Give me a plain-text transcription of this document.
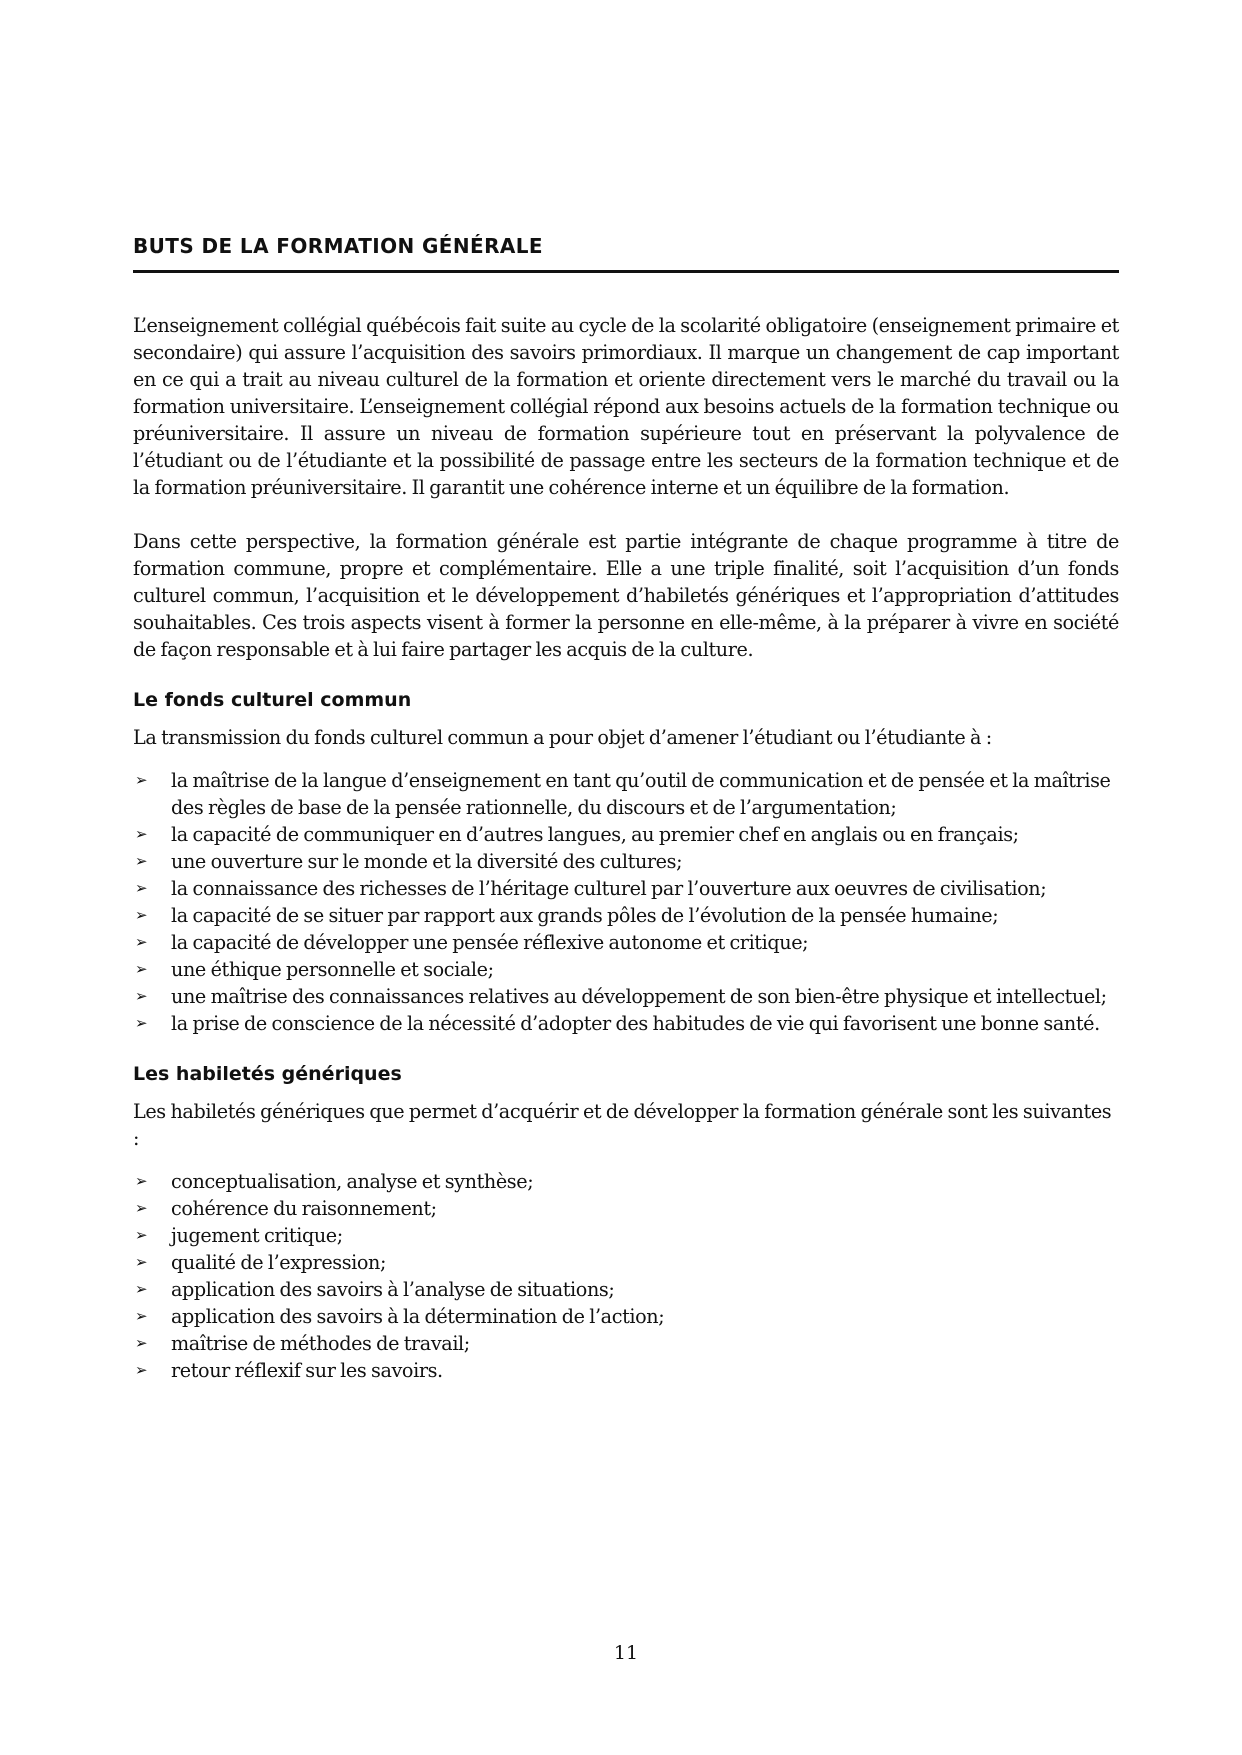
BUTS DE LA FORMATION GÉNÉRALE

L’enseignement collégial québécois fait suite au cycle de la scolarité obligatoire (enseignement primaire et secondaire) qui assure l’acquisition des savoirs primordiaux. Il marque un changement de cap important en ce qui a trait au niveau culturel de la formation et oriente directement vers le marché du travail ou la formation universitaire. L’enseignement collégial répond aux besoins actuels de la formation technique ou préuniversitaire. Il assure un niveau de formation supérieure tout en préservant la polyvalence de l’étudiant ou de l’étudiante et la possibilité de passage entre les secteurs de la formation technique et de la formation préuniversitaire. Il garantit une cohérence interne et un équilibre de la formation.

Dans cette perspective, la formation générale est partie intégrante de chaque programme à titre de formation commune, propre et complémentaire. Elle a une triple finalité, soit l’acquisition d’un fonds culturel commun, l’acquisition et le développement d’habiletés génériques et l’appropriation d’attitudes souhaitables. Ces trois aspects visent à former la personne en elle-même, à la préparer à vivre en société de façon responsable et à lui faire partager les acquis de la culture.

Le fonds culturel commun

La transmission du fonds culturel commun a pour objet d’amener l’étudiant ou l’étudiante à :

➢ la maîtrise de la langue d’enseignement en tant qu’outil de communication et de pensée et la maîtrise des règles de base de la pensée rationnelle, du discours et de l’argumentation;
➢ la capacité de communiquer en d’autres langues, au premier chef en anglais ou en français;
➢ une ouverture sur le monde et la diversité des cultures;
➢ la connaissance des richesses de l’héritage culturel par l’ouverture aux oeuvres de civilisation;
➢ la capacité de se situer par rapport aux grands pôles de l’évolution de la pensée humaine;
➢ la capacité de développer une pensée réflexive autonome et critique;
➢ une éthique personnelle et sociale;
➢ une maîtrise des connaissances relatives au développement de son bien-être physique et intellectuel;
➢ la prise de conscience de la nécessité d’adopter des habitudes de vie qui favorisent une bonne santé.
Les habiletés génériques

Les habiletés génériques que permet d’acquérir et de développer la formation générale sont les suivantes :

➢ conceptualisation, analyse et synthèse;
➢ cohérence du raisonnement;
➢ jugement critique;
➢ qualité de l’expression;
➢ application des savoirs à l’analyse de situations;
➢ application des savoirs à la détermination de l’action;
➢ maîtrise de méthodes de travail;
➢ retour réflexif sur les savoirs.
11
